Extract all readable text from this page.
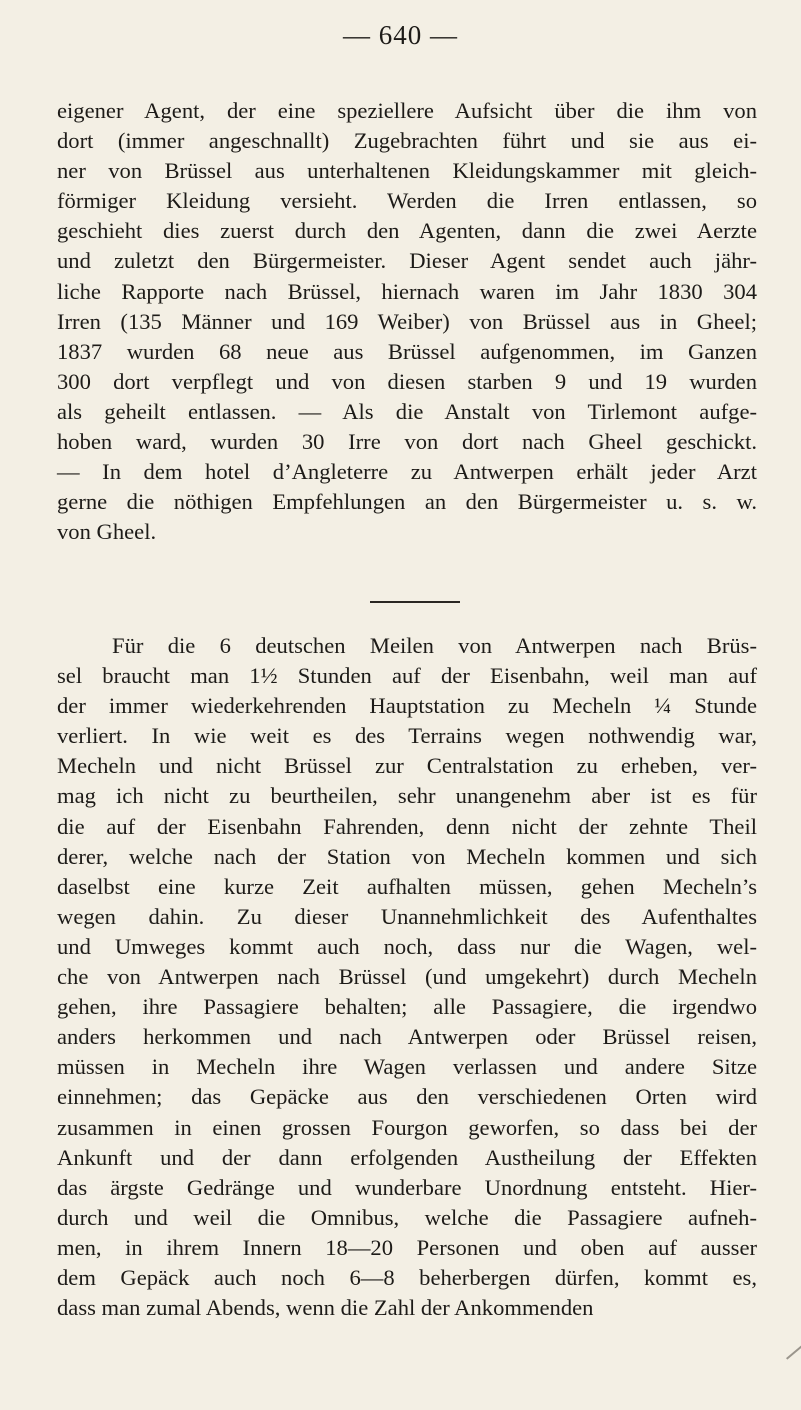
— 640 —
eigener Agent, der eine speziellere Aufsicht über die ihm von
dort (immer angeschnallt) Zugebrachten führt und sie aus ei-
ner von Brüssel aus unterhaltenen Kleidungskammer mit gleich-
förmiger Kleidung versieht. Werden die Irren entlassen, so
geschieht dies zuerst durch den Agenten, dann die zwei Aerzte
und zuletzt den Bürgermeister. Dieser Agent sendet auch jähr-
liche Rapporte nach Brüssel, hiernach waren im Jahr 1830 304
Irren (135 Männer und 169 Weiber) von Brüssel aus in Gheel;
1837 wurden 68 neue aus Brüssel aufgenommen, im Ganzen
300 dort verpflegt und von diesen starben 9 und 19 wurden
als geheilt entlassen. — Als die Anstalt von Tirlemont aufge-
hoben ward, wurden 30 Irre von dort nach Gheel geschickt.
— In dem hotel d’Angleterre zu Antwerpen erhält jeder Arzt
gerne die nöthigen Empfehlungen an den Bürgermeister u. s. w.
von Gheel.
Für die 6 deutschen Meilen von Antwerpen nach Brüs-
sel braucht man 1½ Stunden auf der Eisenbahn, weil man auf
der immer wiederkehrenden Hauptstation zu Mecheln ¼ Stunde
verliert. In wie weit es des Terrains wegen nothwendig war,
Mecheln und nicht Brüssel zur Centralstation zu erheben, ver-
mag ich nicht zu beurtheilen, sehr unangenehm aber ist es für
die auf der Eisenbahn Fahrenden, denn nicht der zehnte Theil
derer, welche nach der Station von Mecheln kommen und sich
daselbst eine kurze Zeit aufhalten müssen, gehen Mecheln’s
wegen dahin. Zu dieser Unannehmlichkeit des Aufenthaltes
und Umweges kommt auch noch, dass nur die Wagen, wel-
che von Antwerpen nach Brüssel (und umgekehrt) durch Mecheln
gehen, ihre Passagiere behalten; alle Passagiere, die irgendwo
anders herkommen und nach Antwerpen oder Brüssel reisen,
müssen in Mecheln ihre Wagen verlassen und andere Sitze
einnehmen; das Gepäcke aus den verschiedenen Orten wird
zusammen in einen grossen Fourgon geworfen, so dass bei der
Ankunft und der dann erfolgenden Austheilung der Effekten
das ärgste Gedränge und wunderbare Unordnung entsteht. Hier-
durch und weil die Omnibus, welche die Passagiere aufneh-
men, in ihrem Innern 18—20 Personen und oben auf ausser
dem Gepäck auch noch 6—8 beherbergen dürfen, kommt es,
dass man zumal Abends, wenn die Zahl der Ankommenden
